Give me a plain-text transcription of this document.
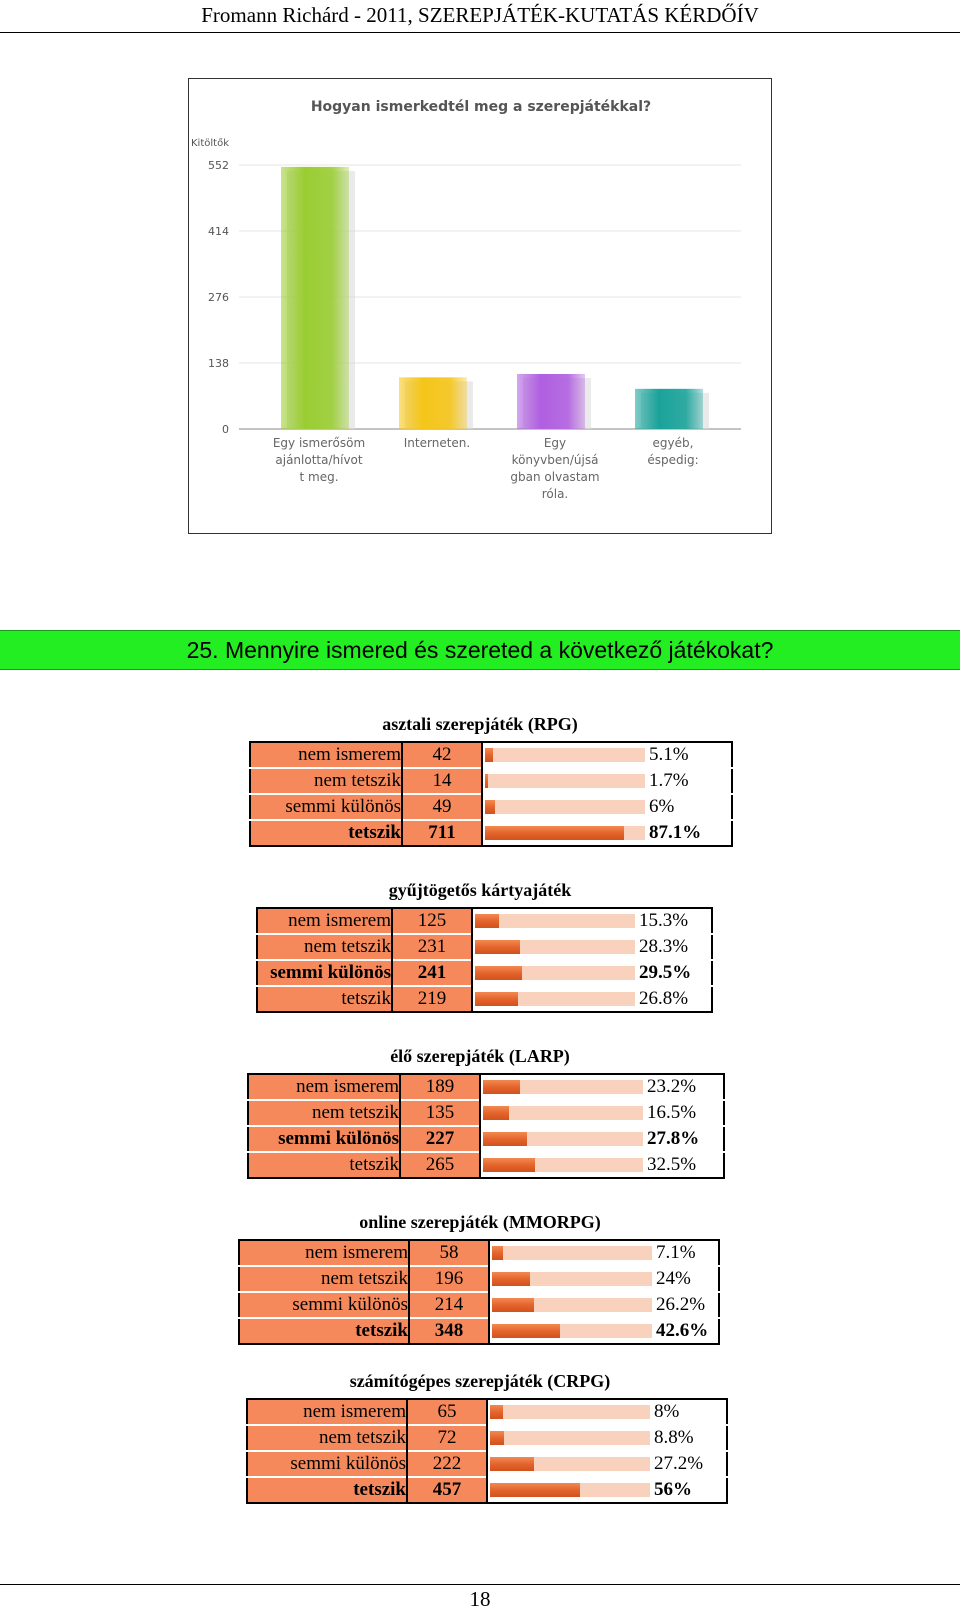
Fromann Richárd - 2011, SZEREPJÁTÉK-KUTATÁS KÉRDŐÍV
Hogyan ismerkedtél meg a szerepjátékkal?
Kitöltők
552
414
276
138
0
Egy ismerősöm ajánlotta/hívot t meg.
Interneten.	Egy könyvben/újsá gban olvastam róla.
egyéb, éspedig:
25. Mennyire ismered és szereted a következő játékokat?
asztali szerepjáték (RPG)
nem ismerem	42		5.1%
nem tetszik	14		1.7%
semmi különös	49		6%
tetszik	711		87.1%
gyűjtögetős kártyajáték
nem ismerem	125		15.3%
nem tetszik	231		28.3%
semmi különös	241		29.5%
tetszik	219		26.8%
élő szerepjáték (LARP)
nem ismerem	189		23.2%
nem tetszik	135		16.5%
semmi különös	227		27.8%
tetszik	265		32.5%
online szerepjáték (MMORPG)
nem ismerem	58		7.1%
nem tetszik	196		24%
semmi különös	214		26.2%
tetszik	348		42.6%
számítógépes szerepjáték (CRPG)
nem ismerem	65		8%
nem tetszik	72		8.8%
semmi különös	222		27.2%
tetszik	457		56%
18
